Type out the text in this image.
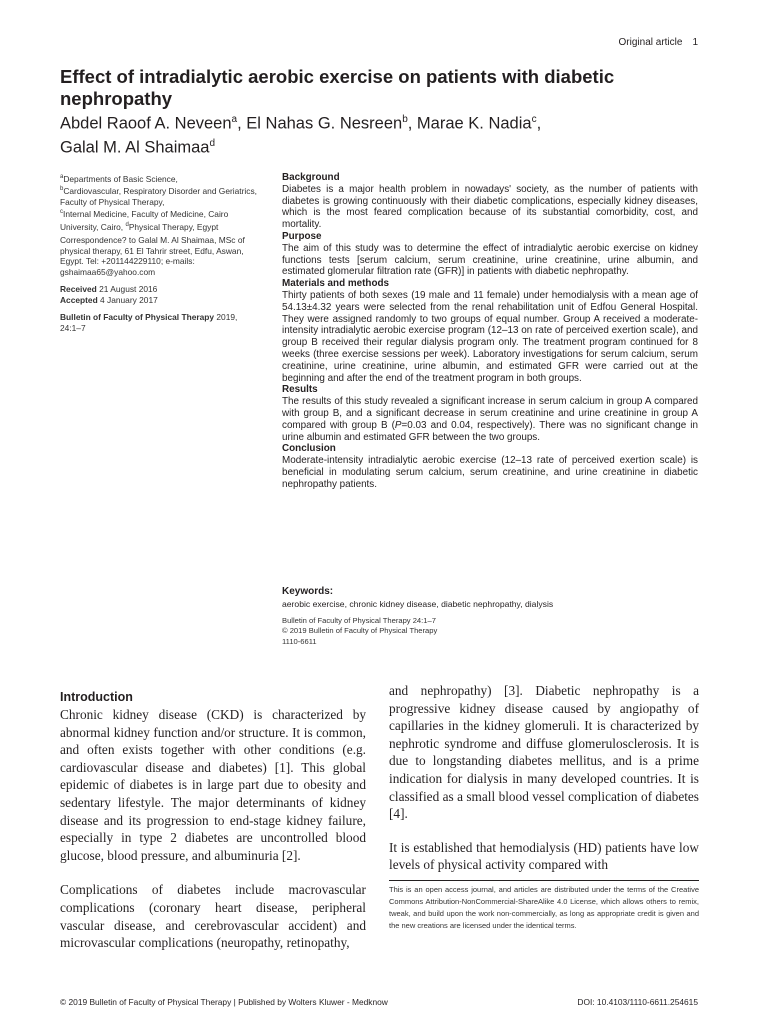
Original article 1
Effect of intradialytic aerobic exercise on patients with diabetic nephropathy
Abdel Raoof A. Neveen$^a$, El Nahas G. Nesreen$^b$, Marae K. Nadia$^c$,
Galal M. Al Shaimaa$^d$
$^a$Departments of Basic Science,
$^b$Cardiovascular, Respiratory Disorder and Geriatrics, Faculty of Physical Therapy,
$^c$Internal Medicine, Faculty of Medicine, Cairo University, Cairo, $^d$Physical Therapy, Egypt
Correspondence? to Galal M. Al Shaimaa, MSc of physical therapy, 61 El Tahrir street, Edfu, Aswan, Egypt. Tel: +201144229110; e-mails: gshaimaa65@yahoo.com
Received 21 August 2016
Accepted 4 January 2017
Bulletin of Faculty of Physical Therapy 2019, 24:1–7
Background
Diabetes is a major health problem in nowadays' society, as the number of patients with diabetes is growing continuously with their diabetic complications, especially kidney diseases, which is the most feared complication because of its substantial comorbidity, cost, and mortality.
Purpose
The aim of this study was to determine the effect of intradialytic aerobic exercise on kidney functions tests [serum calcium, serum creatinine, urine creatinine, urine albumin, and estimated glomerular filtration rate (GFR)] in patients with diabetic nephropathy.
Materials and methods
Thirty patients of both sexes (19 male and 11 female) under hemodialysis with a mean age of 54.13±4.32 years were selected from the renal rehabilitation unit of Edfou General Hospital. They were assigned randomly to two groups of equal number. Group A received a moderate-intensity intradialytic aerobic exercise program (12–13 on rate of perceived exertion scale), and group B received their regular dialysis program only. The treatment program continued for 8 weeks (three exercise sessions per week). Laboratory investigations for serum calcium, serum creatinine, urine creatinine, urine albumin, and estimated GFR were carried out at the beginning and after the end of the treatment program in both groups.
Results
The results of this study revealed a significant increase in serum calcium in group A compared with group B, and a significant decrease in serum creatinine and urine creatinine in group A compared with group B (P=0.03 and 0.04, respectively). There was no significant change in urine albumin and estimated GFR between the two groups.
Conclusion
Moderate-intensity intradialytic aerobic exercise (12–13 rate of perceived exertion scale) is beneficial in modulating serum calcium, serum creatinine, and urine creatinine in diabetic nephropathy patients.
Keywords:
aerobic exercise, chronic kidney disease, diabetic nephropathy, dialysis
Bulletin of Faculty of Physical Therapy 24:1–7
© 2019 Bulletin of Faculty of Physical Therapy
1110-6611
Introduction
Chronic kidney disease (CKD) is characterized by abnormal kidney function and/or structure. It is common, and often exists together with other conditions (e.g. cardiovascular disease and diabetes) [1]. This global epidemic of diabetes is in large part due to obesity and sedentary lifestyle. The major determinants of kidney disease and its progression to end-stage kidney failure, especially in type 2 diabetes are uncontrolled blood glucose, blood pressure, and albuminuria [2].
Complications of diabetes include macrovascular complications (coronary heart disease, peripheral vascular disease, and cerebrovascular accident) and microvascular complications (neuropathy, retinopathy,
and nephropathy) [3]. Diabetic nephropathy is a progressive kidney disease caused by angiopathy of capillaries in the kidney glomeruli. It is characterized by nephrotic syndrome and diffuse glomerulosclerosis. It is due to longstanding diabetes mellitus, and is a prime indication for dialysis in many developed countries. It is classified as a small blood vessel complication of diabetes [4].
It is established that hemodialysis (HD) patients have low levels of physical activity compared with
This is an open access journal, and articles are distributed under the terms of the Creative Commons Attribution-NonCommercial-ShareAlike 4.0 License, which allows others to remix, tweak, and build upon the work non-commercially, as long as appropriate credit is given and the new creations are licensed under the identical terms.
© 2019 Bulletin of Faculty of Physical Therapy | Published by Wolters Kluwer - Medknow	DOI: 10.4103/1110-6611.254615
